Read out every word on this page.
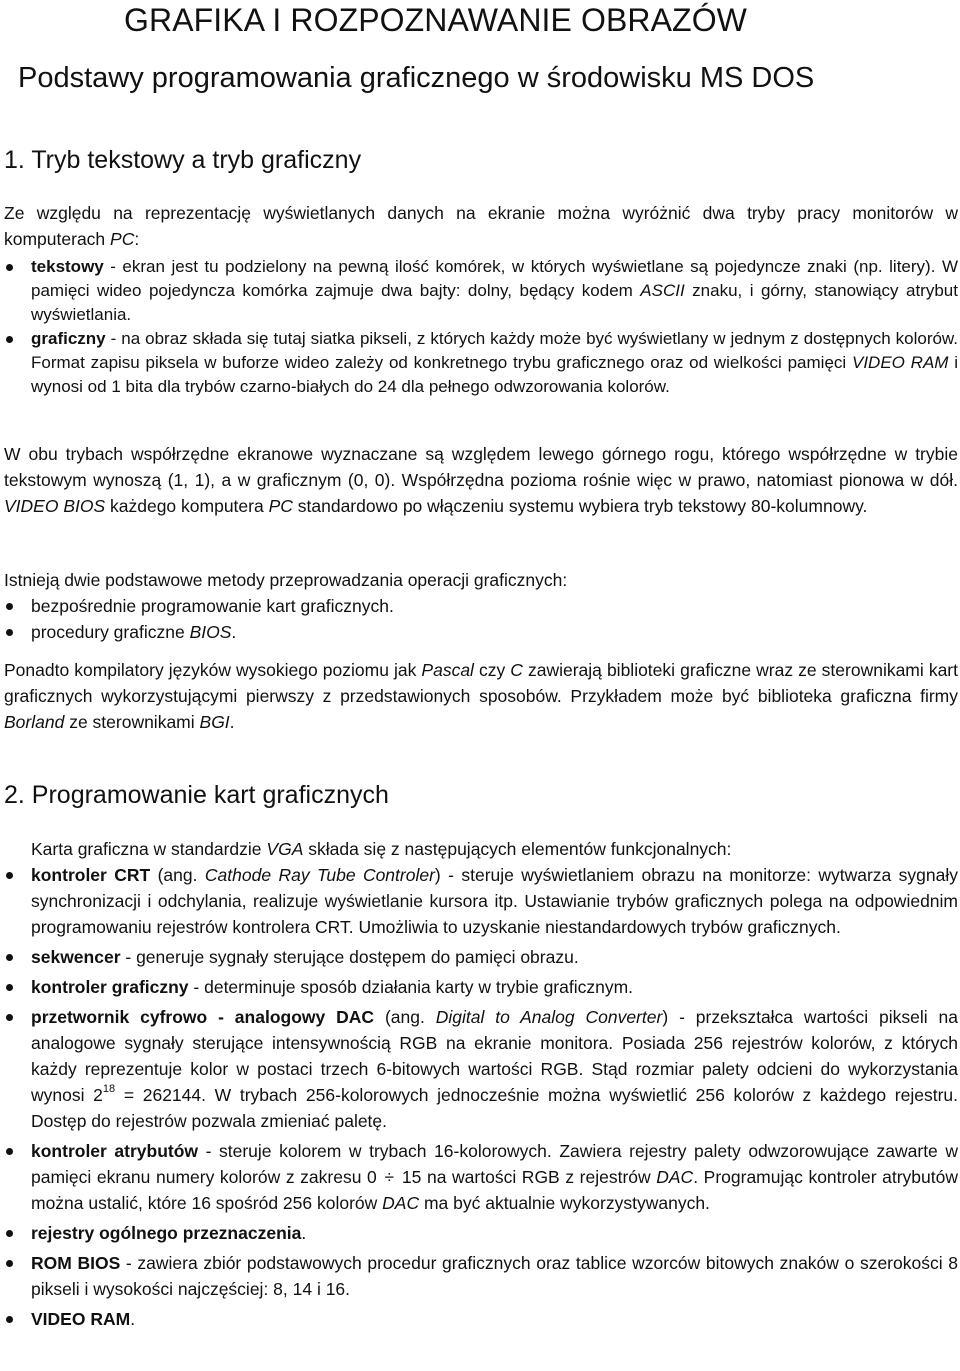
GRAFIKA I ROZPOZNAWANIE OBRAZÓW
Podstawy programowania graficznego w środowisku MS DOS
1. Tryb tekstowy a tryb graficzny

Ze względu na reprezentację wyświetlanych danych na ekranie można wyróżnić dwa tryby pracy monitorów w komputerach PC:

tekstowy - ekran jest tu podzielony na pewną ilość komórek, w których wyświetlane są pojedyncze znaki (np. litery). W pamięci wideo pojedyncza komórka zajmuje dwa bajty: dolny, będący kodem ASCII znaku, i górny, stanowiący atrybut wyświetlania.
graficzny - na obraz składa się tutaj siatka pikseli, z których każdy może być wyświetlany w jednym z dostępnych kolorów. Format zapisu piksela w buforze wideo zależy od konkretnego trybu graficznego oraz od wielkości pamięci VIDEO RAM i wynosi od 1 bita dla trybów czarno-białych do 24 dla pełnego odwzorowania kolorów.

W obu trybach współrzędne ekranowe wyznaczane są względem lewego górnego rogu, którego współrzędne w trybie tekstowym wynoszą (1, 1), a w graficznym (0, 0). Współrzędna pozioma rośnie więc w prawo, natomiast pionowa w dół. VIDEO BIOS każdego komputera PC standardowo po włączeniu systemu wybiera tryb tekstowy 80-kolumnowy.

Istnieją dwie podstawowe metody przeprowadzania operacji graficznych:

bezpośrednie programowanie kart graficznych.
procedury graficzne BIOS.

Ponadto kompilatory języków wysokiego poziomu jak Pascal czy C zawierają biblioteki graficzne wraz ze sterownikami kart graficznych wykorzystującymi pierwszy z przedstawionych sposobów. Przykładem może być biblioteka graficzna firmy Borland ze sterownikami BGI.

2. Programowanie kart graficznych

Karta graficzna w standardzie VGA składa się z następujących elementów funkcjonalnych:

kontroler CRT (ang. Cathode Ray Tube Controler) - steruje wyświetlaniem obrazu na monitorze: wytwarza sygnały synchronizacji i odchylania, realizuje wyświetlanie kursora itp. Ustawianie trybów graficznych polega na odpowiednim programowaniu rejestrów kontrolera CRT. Umożliwia to uzyskanie niestandardowych trybów graficznych.
sekwencer - generuje sygnały sterujące dostępem do pamięci obrazu.
kontroler graficzny - determinuje sposób działania karty w trybie graficznym.
przetwornik cyfrowo - analogowy DAC (ang. Digital to Analog Converter) - przekształca wartości pikseli na analogowe sygnały sterujące intensywnością RGB na ekranie monitora. Posiada 256 rejestrów kolorów, z których każdy reprezentuje kolor w postaci trzech 6-bitowych wartości RGB. Stąd rozmiar palety odcieni do wykorzystania wynosi $2^{18} = 262144$. W trybach 256-kolorowych jednocześnie można wyświetlić 256 kolorów z każdego rejestru. Dostęp do rejestrów pozwala zmieniać paletę.
kontroler atrybutów - steruje kolorem w trybach 16-kolorowych. Zawiera rejestry palety odwzorowujące zawarte w pamięci ekranu numery kolorów z zakresu 0 ÷ 15 na wartości RGB z rejestrów DAC. Programując kontroler atrybutów można ustalić, które 16 spośród 256 kolorów DAC ma być aktualnie wykorzystywanych.
rejestry ogólnego przeznaczenia.
ROM BIOS - zawiera zbiór podstawowych procedur graficznych oraz tablice wzorców bitowych znaków o szerokości 8 pikseli i wysokości najczęściej: 8, 14 i 16.
VIDEO RAM.
